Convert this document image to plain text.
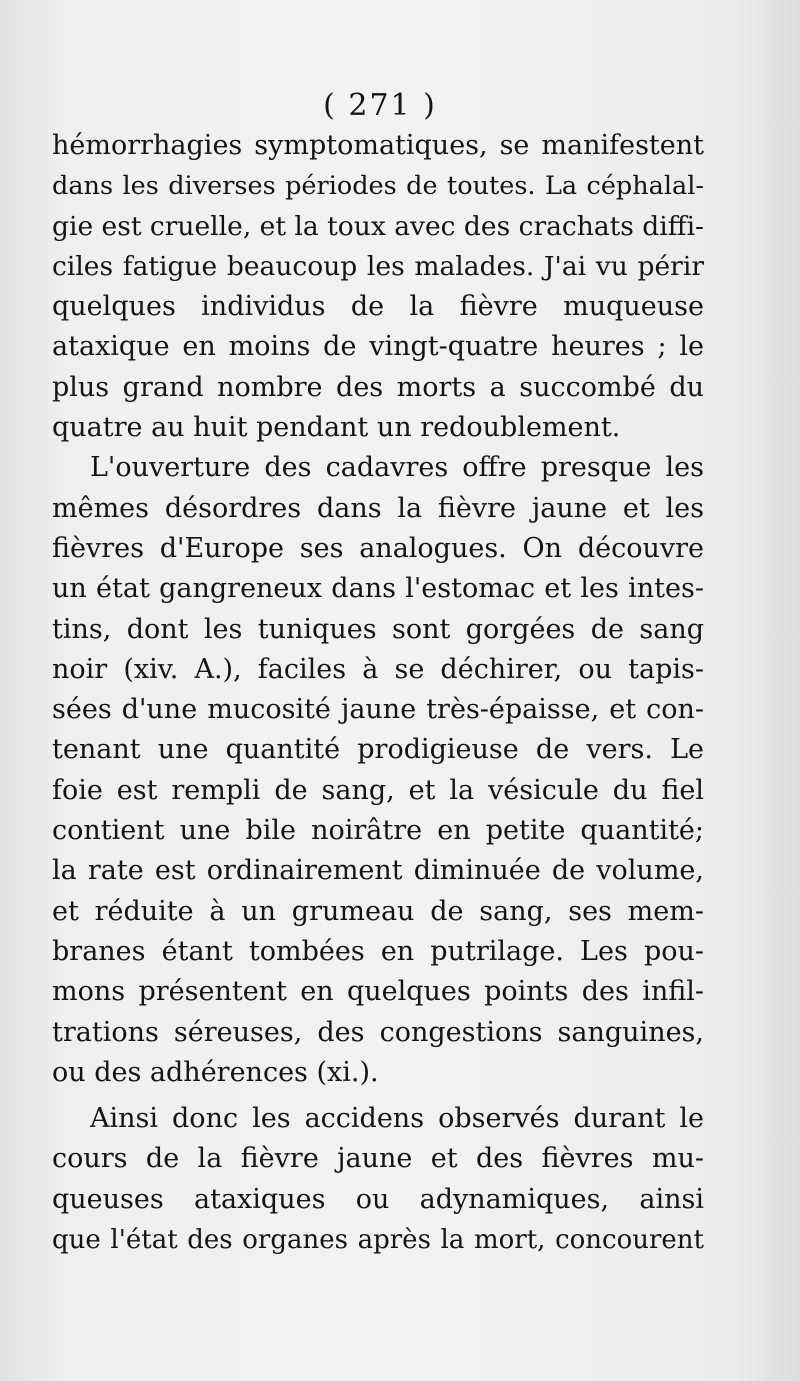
( 271 )
hémorrhagies symptomatiques, se manifestent
dans les diverses périodes de toutes. La céphalal-
gie est cruelle, et la toux avec des crachats diffi-
ciles fatigue beaucoup les malades. J'ai vu périr
quelques individus de la fièvre muqueuse
ataxique en moins de vingt-quatre heures ; le
plus grand nombre des morts a succombé du
quatre au huit pendant un redoublement.
L'ouverture des cadavres offre presque les
mêmes désordres dans la fièvre jaune et les
fièvres d'Europe ses analogues. On découvre
un état gangreneux dans l'estomac et les intes-
tins, dont les tuniques sont gorgées de sang
noir (xiv. A.), faciles à se déchirer, ou tapis-
sées d'une mucosité jaune très-épaisse, et con-
tenant une quantité prodigieuse de vers. Le
foie est rempli de sang, et la vésicule du fiel
contient une bile noirâtre en petite quantité;
la rate est ordinairement diminuée de volume,
et réduite à un grumeau de sang, ses mem-
branes étant tombées en putrilage. Les pou-
mons présentent en quelques points des infil-
trations séreuses, des congestions sanguines,
ou des adhérences (xi.).
Ainsi donc les accidens observés durant le
cours de la fièvre jaune et des fièvres mu-
queuses ataxiques ou adynamiques, ainsi
que l'état des organes après la mort, concourent
